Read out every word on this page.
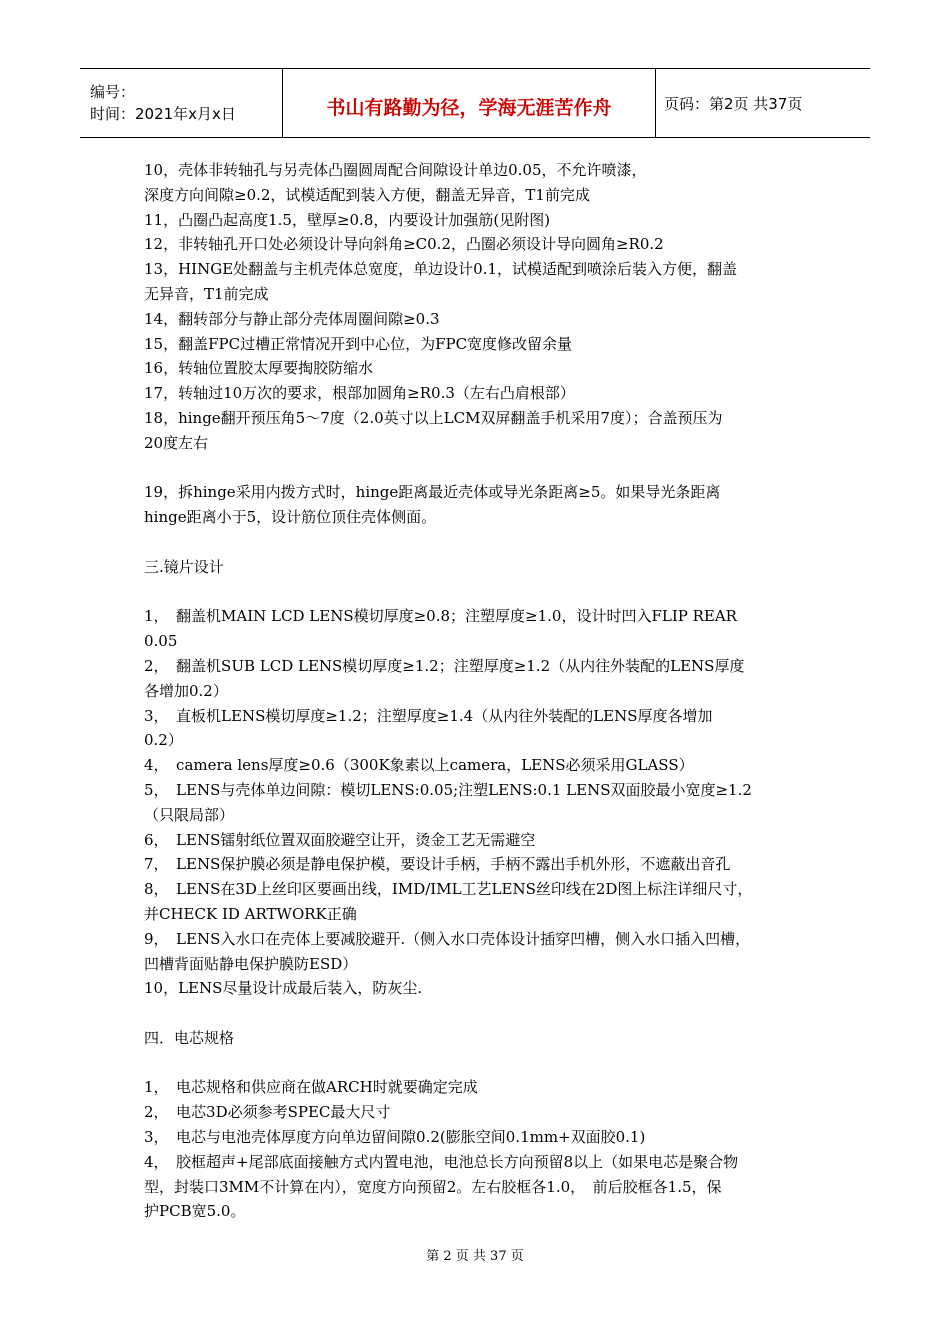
编号：
时间：2021年x月x日	书山有路勤为径，学海无涯苦作舟	页码：第2页 共37页

10，壳体非转轴孔与另壳体凸圈圆周配合间隙设计单边0.05，不允许喷漆，

深度方向间隙≥0.2，试模适配到装入方便，翻盖无异音，T1前完成

11，凸圈凸起高度1.5，壁厚≥0.8，内要设计加强筋(见附图)

12，非转轴孔开口处必须设计导向斜角≥C0.2，凸圈必须设计导向圆角≥R0.2

13，HINGE处翻盖与主机壳体总宽度，单边设计0.1，试模适配到喷涂后装入方便，翻盖

无异音，T1前完成

14，翻转部分与静止部分壳体周圈间隙≥0.3

15，翻盖FPC过槽正常情况开到中心位，为FPC宽度修改留余量

16，转轴位置胶太厚要掏胶防缩水

17，转轴过10万次的要求，根部加圆角≥R0.3（左右凸肩根部）

18，hinge翻开预压角5～7度（2.0英寸以上LCM双屏翻盖手机采用7度）；合盖预压为

20度左右

19，拆hinge采用内拨方式时，hinge距离最近壳体或导光条距离≥5。如果导光条距离

hinge距离小于5，设计筋位顶住壳体侧面。

三.镜片设计

1，　翻盖机MAIN LCD LENS模切厚度≥0.8；注塑厚度≥1.0，设计时凹入FLIP REAR

0.05

2，　翻盖机SUB LCD LENS模切厚度≥1.2；注塑厚度≥1.2（从内往外装配的LENS厚度

各增加0.2）

3，　直板机LENS模切厚度≥1.2；注塑厚度≥1.4（从内往外装配的LENS厚度各增加

0.2）

4，　camera lens厚度≥0.6（300K象素以上camera，LENS必须采用GLASS）

5，　LENS与壳体单边间隙：模切LENS:0.05;注塑LENS:0.1 LENS双面胶最小宽度≥1.2

（只限局部）

6，　LENS镭射纸位置双面胶避空让开，烫金工艺无需避空

7，　LENS保护膜必须是静电保护模，要设计手柄，手柄不露出手机外形，不遮蔽出音孔

8，　LENS在3D上丝印区要画出线，IMD/IML工艺LENS丝印线在2D图上标注详细尺寸，

并CHECK ID ARTWORK正确

9，　LENS入水口在壳体上要减胶避开.（侧入水口壳体设计插穿凹槽，侧入水口插入凹槽，

凹槽背面贴静电保护膜防ESD）

10，LENS尽量设计成最后装入，防灰尘.

四．电芯规格

1，　电芯规格和供应商在做ARCH时就要确定完成

2，　电芯3D必须参考SPEC最大尺寸

3，　电芯与电池壳体厚度方向单边留间隙0.2(膨胀空间0.1mm+双面胶0.1)

4，　胶框超声+尾部底面接触方式内置电池，电池总长方向预留8以上（如果电芯是聚合物

型，封装口3MM不计算在内），宽度方向预留2。左右胶框各1.0，　前后胶框各1.5，保

护PCB宽5.0。

第 2 页 共 37 页
